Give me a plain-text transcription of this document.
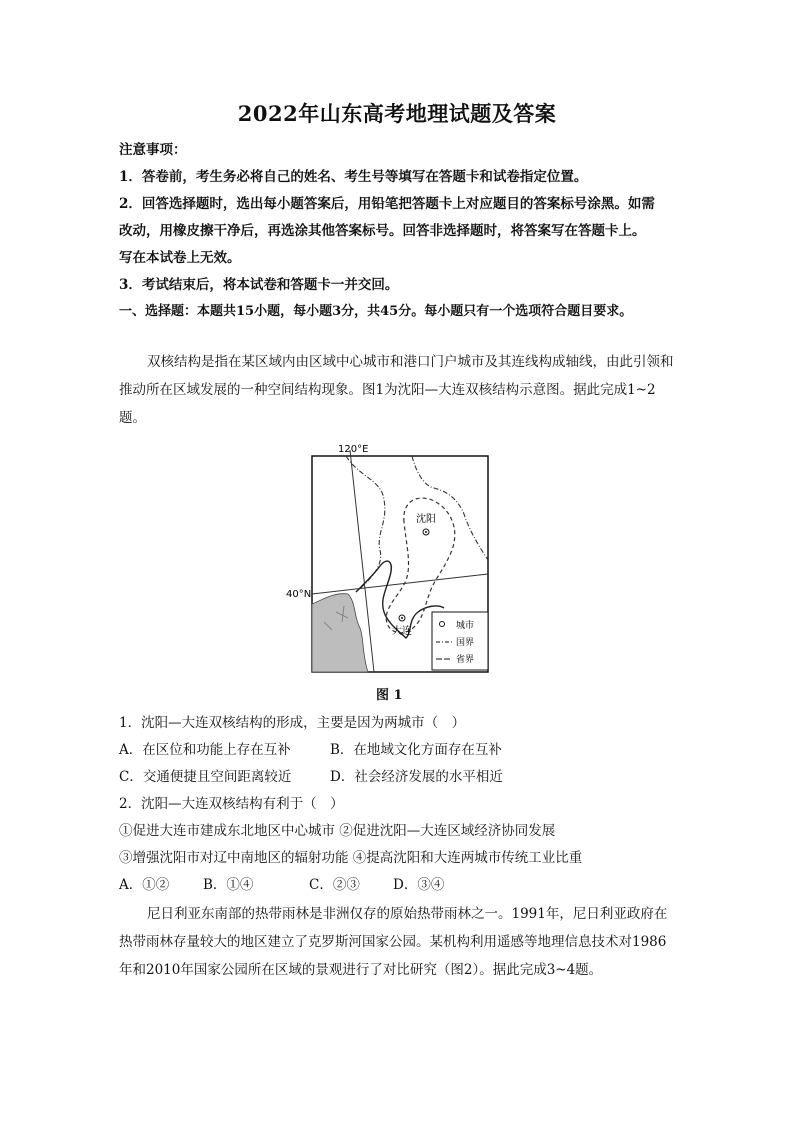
2022年山东高考地理试题及答案
注意事项：
1．答卷前，考生务必将自己的姓名、考生号等填写在答题卡和试卷指定位置。
2．回答选择题时，选出每小题答案后，用铅笔把答题卡上对应题目的答案标号涂黑。如需
改动，用橡皮擦干净后，再选涂其他答案标号。回答非选择题时，将答案写在答题卡上。
写在本试卷上无效。
3．考试结束后，将本试卷和答题卡一并交回。
一、选择题：本题共15小题，每小题3分，共45分。每小题只有一个选项符合题目要求。
双核结构是指在某区域内由区域中心城市和港口门户城市及其连线构成轴线，由此引领和推动所在区域发展的一种空间结构现象。图1为沈阳—大连双核结构示意图。据此完成1~2题。
沈阳
大连
120°E
40°N
城市
国界
省界
图 1
1．沈阳—大连双核结构的形成，主要是因为两城市（　）
A．在区位和功能上存在互补	B．在地域文化方面存在互补
C．交通便捷且空间距离较近	D．社会经济发展的水平相近
2．沈阳—大连双核结构有利于（　）
①促进大连市建成东北地区中心城市 ②促进沈阳—大连区域经济协同发展
③增强沈阳市对辽中南地区的辐射功能 ④提高沈阳和大连两城市传统工业比重
A．①②	B．①④	C．②③ D．③④
尼日利亚东南部的热带雨林是非洲仅存的原始热带雨林之一。1991年，尼日利亚政府在热带雨林存量较大的地区建立了克罗斯河国家公园。某机构利用遥感等地理信息技术对1986年和2010年国家公园所在区域的景观进行了对比研究（图2）。据此完成3~4题。
